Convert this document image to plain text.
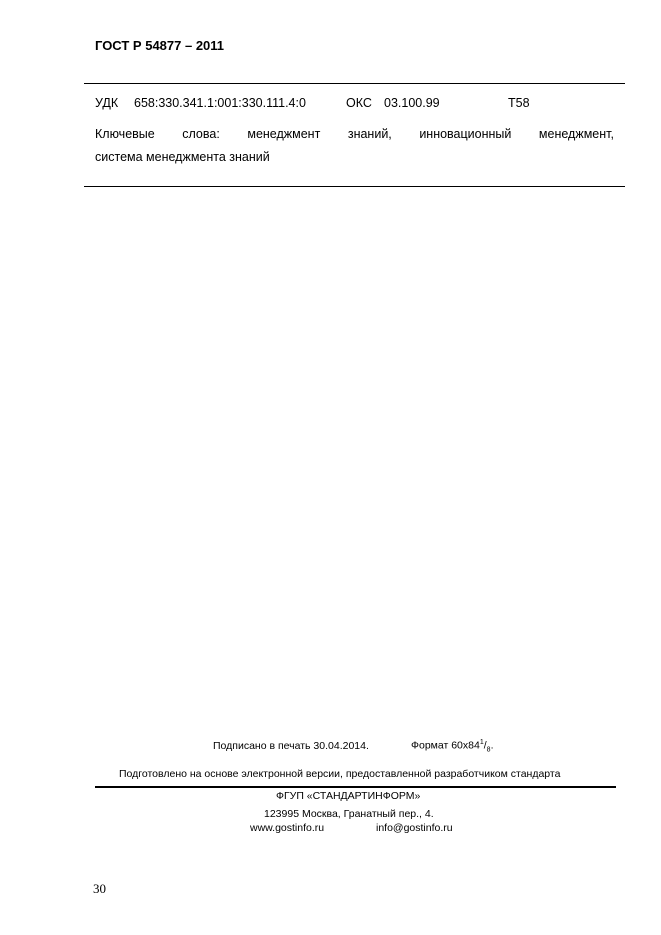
ГОСТ Р 54877 – 2011
УДК 658:330.341.1:001:330.111.4:0	ОКС 03.100.99	Т58
Ключевые слова: менеджмент знаний, инновационный менеджмент,
система менеджмента знаний
Подписано в печать 30.04.2014.	Формат $60x84^1/_8$.
Подготовлено на основе электронной версии, предоставленной разработчиком стандарта
ФГУП «СТАНДАРТИНФОРМ»
123995 Москва, Гранатный пер., 4.
www.gostinfo.ru	info@gostinfo.ru
30
